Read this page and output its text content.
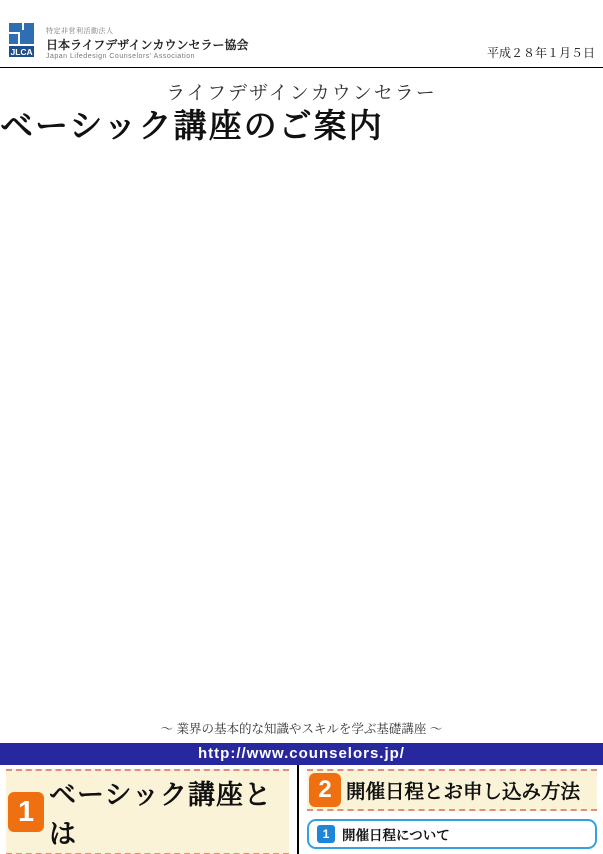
JLCA
特定非営利活動法人
日本ライフデザインカウンセラー協会
Japan Lifedesign Counselors' Association	平成２８年１月５日
ライフデザインカウンセラー
ベーシック講座のご案内
～ 業界の基本的な知識やスキルを学ぶ基礎講座 ～
http://www.counselors.jp/
1
ベーシック講座とは

2 開催日程とお申し込み方法
1 開催日程について
